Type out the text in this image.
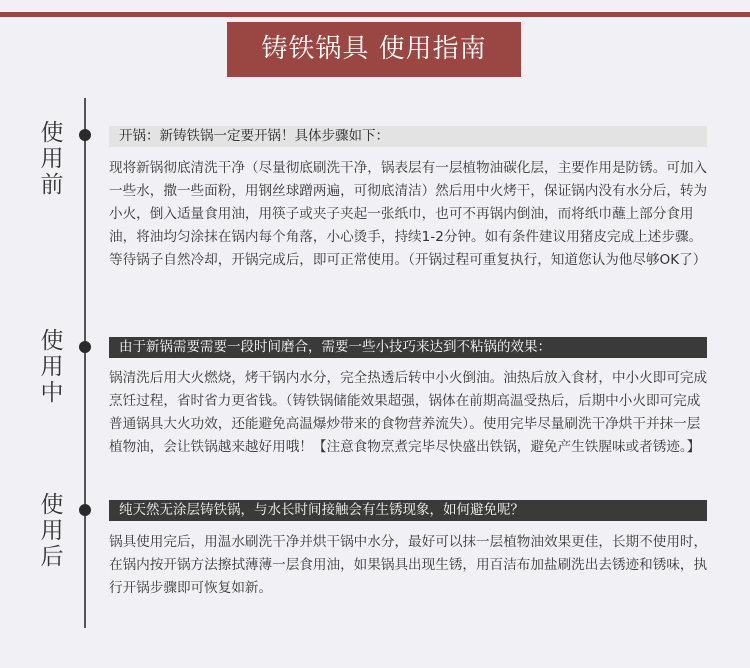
铸铁锅具 使用指南
使
用
前
开锅：新铸铁锅一定要开锅！具体步骤如下：
现将新锅彻底清洗干净（尽量彻底刷洗干净，锅表层有一层植物油碳化层，主要作用是防锈。可加入一些水，撒一些面粉，用钢丝球蹭两遍，可彻底清洁）然后用中火烤干，保证锅内没有水分后，转为小火，倒入适量食用油，用筷子或夹子夹起一张纸巾，也可不再锅内倒油，而将纸巾蘸上部分食用油，将油均匀涂抹在锅内每个角落，小心烫手，持续1-2分钟。如有条件建议用猪皮完成上述步骤。等待锅子自然冷却，开锅完成后，即可正常使用。（开锅过程可重复执行，知道您认为他尽够OK了）
使
用
中
由于新锅需要需要一段时间磨合，需要一些小技巧来达到不粘锅的效果：
锅清洗后用大火燃烧，烤干锅内水分，完全热透后转中小火倒油。油热后放入食材，中小火即可完成烹饪过程，省时省力更省钱。（铸铁锅储能效果超强，锅体在前期高温受热后，后期中小火即可完成普通锅具大火功效，还能避免高温爆炒带来的食物营养流失）。使用完毕尽量刷洗干净烘干并抹一层植物油，会让铁锅越来越好用哦！【注意食物烹煮完毕尽快盛出铁锅，避免产生铁腥味或者锈迹。】
使
用
后
纯天然无涂层铸铁锅，与水长时间接触会有生锈现象，如何避免呢？
锅具使用完后，用温水刷洗干净并烘干锅中水分，最好可以抹一层植物油效果更佳，长期不使用时，在锅内按开锅方法擦拭薄薄一层食用油，如果锅具出现生锈，用百洁布加盐刷洗出去锈迹和锈味，执行开锅步骤即可恢复如新。
